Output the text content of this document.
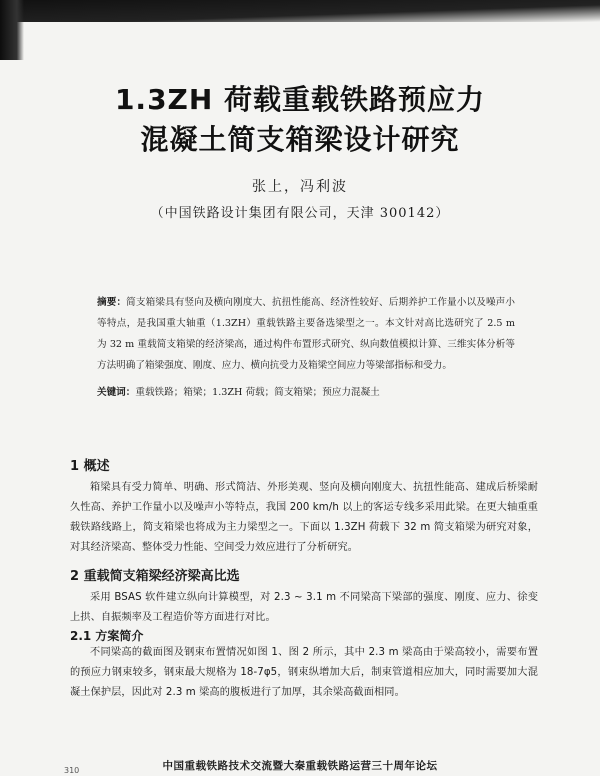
1.3ZH 荷载重载铁路预应力
混凝土简支箱梁设计研究
张上，冯利波
（中国铁路设计集团有限公司，天津 300142）
摘要：简支箱梁具有竖向及横向刚度大、抗扭性能高、经济性较好、后期养护工作量小以及噪声小等特点，是我国重大轴重（1.3ZH）重载铁路主要备选梁型之一。本文针对高比选研究了 2.5 m 为 32 m 重载简支箱梁的经济梁高，通过构件布置形式研究、纵向数值模拟计算、三维实体分析等方法明确了箱梁强度、刚度、应力、横向抗受力及箱梁空间应力等梁部指标和受力。
关键词：重载铁路；箱梁；1.3ZH 荷载；简支箱梁；预应力混凝土
1 概述
箱梁具有受力简单、明确、形式简洁、外形美观、竖向及横向刚度大、抗扭性能高、建成后桥梁耐久性高、养护工作量小以及噪声小等特点，我国 200 km/h 以上的客运专线多采用此梁。在更大轴重重载铁路线路上，简支箱梁也将成为主力梁型之一。下面以 1.3ZH 荷载下 32 m 简支箱梁为研究对象，对其经济梁高、整体受力性能、空间受力效应进行了分析研究。
2 重载简支箱梁经济梁高比选
采用 BSAS 软件建立纵向计算模型，对 2.3 ~ 3.1 m 不同梁高下梁部的强度、刚度、应力、徐变上拱、自振频率及工程造价等方面进行对比。
2.1 方案简介
不同梁高的截面图及钢束布置情况如图 1、图 2 所示，其中 2.3 m 梁高由于梁高较小，需要布置的预应力钢束较多，钢束最大规格为 18-7φ5，钢束纵增加大后，制束管道相应加大，同时需要加大混凝土保护层，因此对 2.3 m 梁高的腹板进行了加厚，其余梁高截面相同。
310	中国重载铁路技术交流暨大秦重载铁路运营三十周年论坛
